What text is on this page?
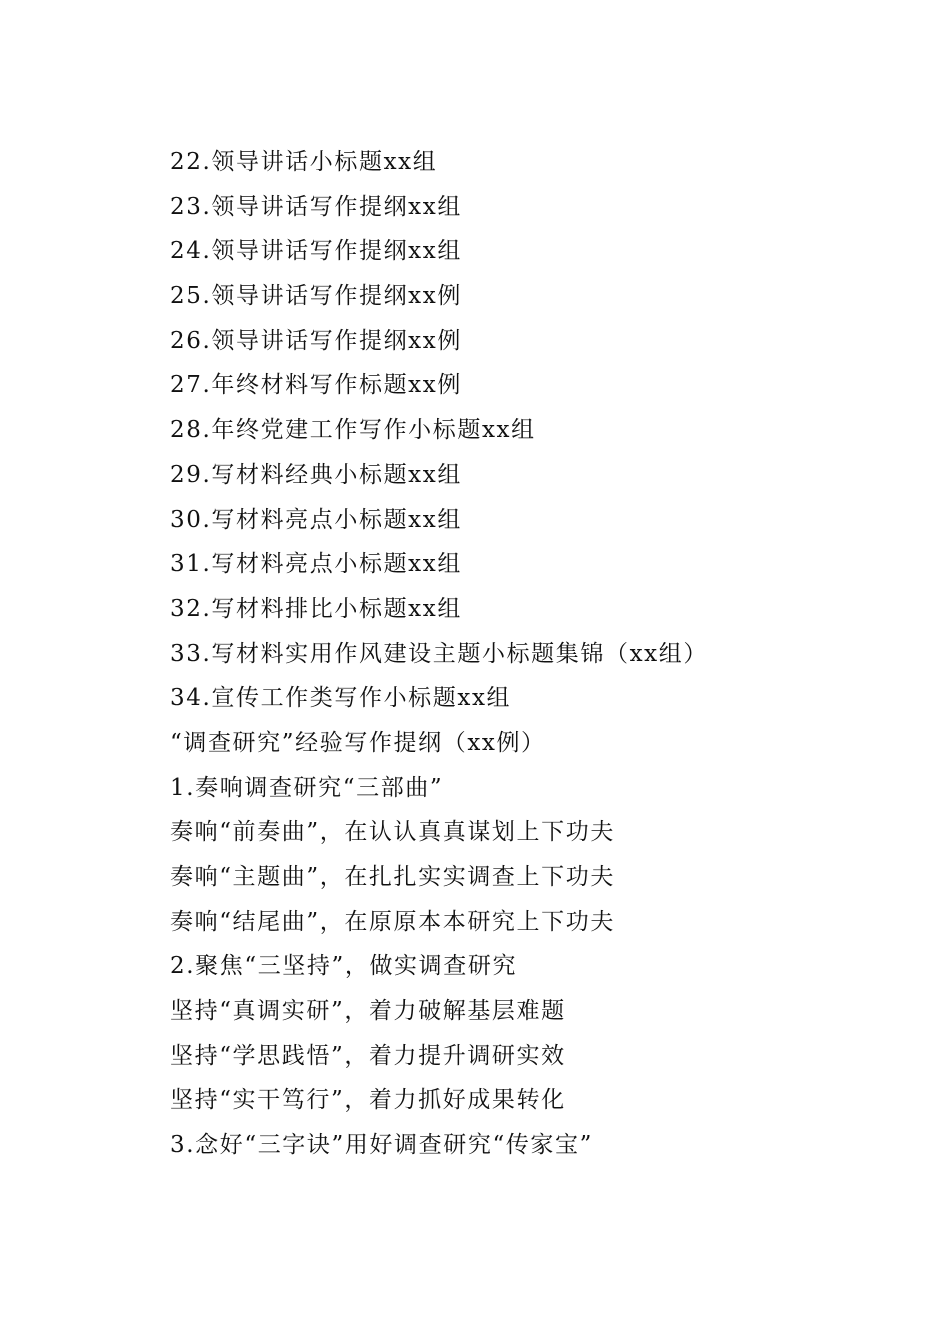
22.领导讲话小标题xx组
23.领导讲话写作提纲xx组
24.领导讲话写作提纲xx组
25.领导讲话写作提纲xx例
26.领导讲话写作提纲xx例
27.年终材料写作标题xx例
28.年终党建工作写作小标题xx组
29.写材料经典小标题xx组
30.写材料亮点小标题xx组
31.写材料亮点小标题xx组
32.写材料排比小标题xx组
33.写材料实用作风建设主题小标题集锦（xx组）
34.宣传工作类写作小标题xx组
“调查研究”经验写作提纲（xx例）
1.奏响调查研究“三部曲”
奏响“前奏曲”，在认认真真谋划上下功夫
奏响“主题曲”，在扎扎实实调查上下功夫
奏响“结尾曲”，在原原本本研究上下功夫
2.聚焦“三坚持”，做实调查研究
坚持“真调实研”，着力破解基层难题
坚持“学思践悟”，着力提升调研实效
坚持“实干笃行”，着力抓好成果转化
3.念好“三字诀”用好调查研究“传家宝”
